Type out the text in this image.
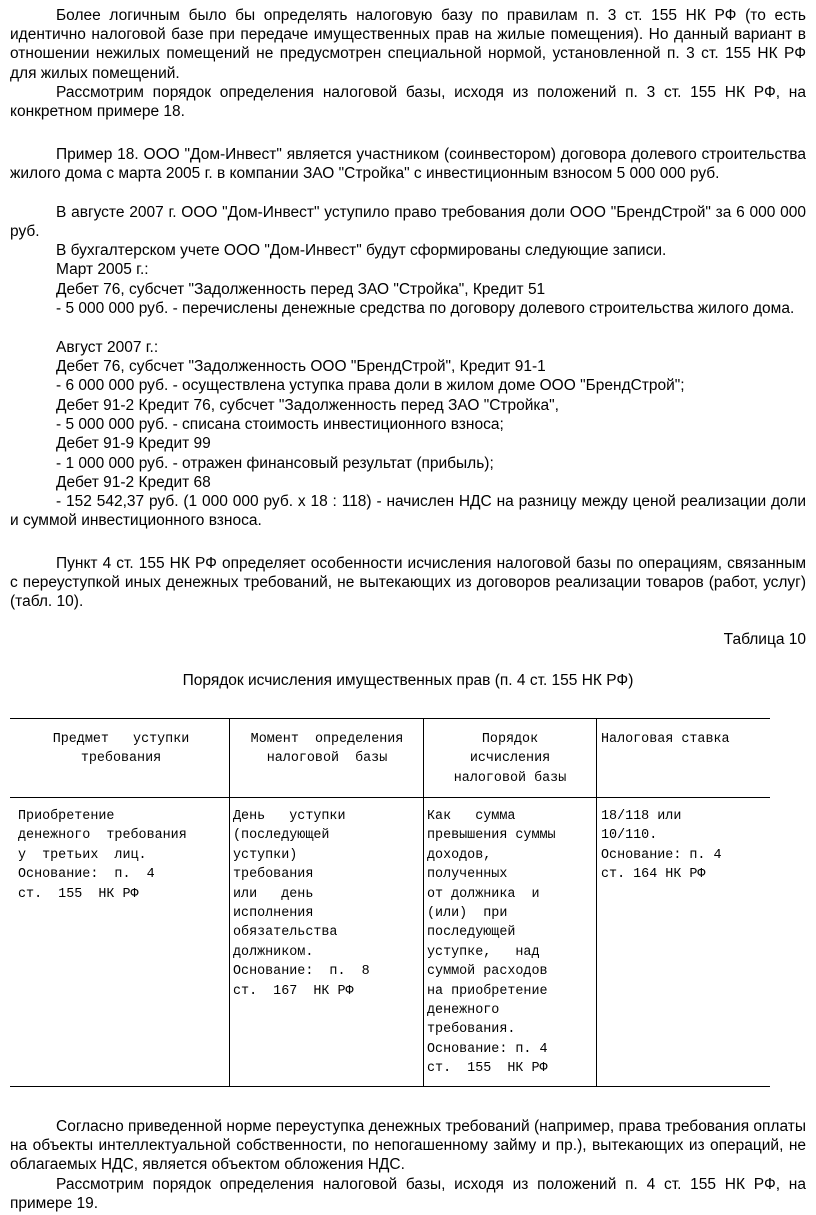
Более логичным было бы определять налоговую базу по правилам п. 3 ст. 155 НК РФ (то есть идентично налоговой базе при передаче имущественных прав на жилые помещения). Но данный вариант в отношении нежилых помещений не предусмотрен специальной нормой, установленной п. 3 ст. 155 НК РФ для жилых помещений.

Рассмотрим порядок определения налоговой базы, исходя из положений п. 3 ст. 155 НК РФ, на конкретном примере 18.

Пример 18. ООО "Дом-Инвест" является участником (соинвестором) договора долевого строительства жилого дома с марта 2005 г. в компании ЗАО "Стройка" с инвестиционным взносом 5 000 000 руб.

В августе 2007 г. ООО "Дом-Инвест" уступило право требования доли ООО "БрендСтрой" за 6 000 000 руб.

В бухгалтерском учете ООО "Дом-Инвест" будут сформированы следующие записи.
Март 2005 г.:
Дебет 76, субсчет "Задолженность перед ЗАО "Стройка", Кредит 51

- 5 000 000 руб. - перечислены денежные средства по договору долевого строительства жилого дома.

Август 2007 г.:
Дебет 76, субсчет "Задолженность ООО "БрендСтрой", Кредит 91-1
- 6 000 000 руб. - осуществлена уступка права доли в жилом доме ООО "БрендСтрой";
Дебет 91-2 Кредит 76, субсчет "Задолженность перед ЗАО "Стройка",
- 5 000 000 руб. - списана стоимость инвестиционного взноса;
Дебет 91-9 Кредит 99
- 1 000 000 руб. - отражен финансовый результат (прибыль);
Дебет 91-2 Кредит 68

- 152 542,37 руб. (1 000 000 руб. х 18 : 118) - начислен НДС на разницу между ценой реализации доли и суммой инвестиционного взноса.

Пункт 4 ст. 155 НК РФ определяет особенности исчисления налоговой базы по операциям, связанным с переуступкой иных денежных требований, не вытекающих из договоров реализации товаров (работ, услуг) (табл. 10).

Таблица 10
Порядок исчисления имущественных прав (п. 4 ст. 155 НК РФ)
Предмет   уступки
требования
Момент  определения
налоговой  базы
Порядок
исчисления
налоговой базы
Налоговая ставка
Приобретение
денежного  требования
у  третьих  лиц.
Основание:  п.  4
ст.  155  НК РФ
День   уступки
(последующей
уступки)
требования
или   день
исполнения
обязательства
должником.
Основание:  п.  8
ст.  167  НК РФ
Как   сумма
превышения суммы
доходов,
полученных
от должника  и
(или)  при
последующей
уступке,   над
суммой расходов
на приобретение
денежного
требования.
Основание: п. 4
ст.  155  НК РФ
18/118 или
10/110.
Основание: п. 4
ст. 164 НК РФ

Согласно приведенной норме переуступка денежных требований (например, права требования оплаты на объекты интеллектуальной собственности, по непогашенному займу и пр.), вытекающих из операций, не облагаемых НДС, является объектом обложения НДС.

Рассмотрим порядок определения налоговой базы, исходя из положений п. 4 ст. 155 НК РФ, на примере 19.
